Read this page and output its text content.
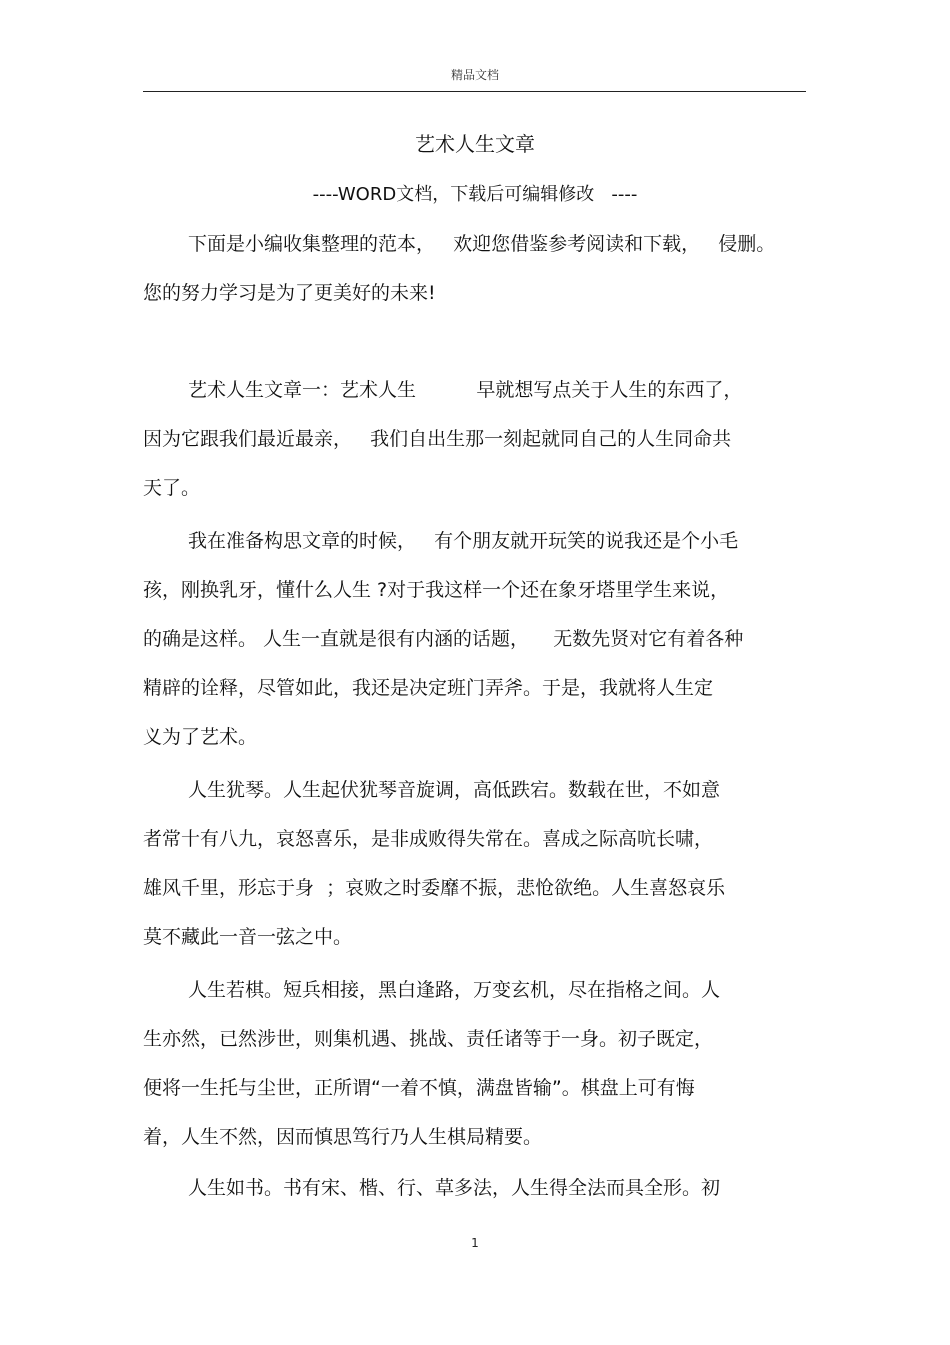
精品文档
艺术人生文章
----WORD文档，下载后可编辑修改   ----
下面是小编收集整理的范本，   欢迎您借鉴参考阅读和下载，   侵删。
您的努力学习是为了更美好的未来!
艺术人生文章一：艺术人生          早就想写点关于人生的东西了，
因为它跟我们最近最亲，   我们自出生那一刻起就同自己的人生同命共
天了。
我在准备构思文章的时候，   有个朋友就开玩笑的说我还是个小毛
孩，刚换乳牙，懂什么人生 ?对于我这样一个还在象牙塔里学生来说，
的确是这样。 人生一直就是很有内涵的话题，    无数先贤对它有着各种
精辟的诠释，尽管如此，我还是决定班门弄斧。于是，我就将人生定
义为了艺术。
人生犹琴。人生起伏犹琴音旋调，高低跌宕。数载在世，不如意
者常十有八九，哀怒喜乐，是非成败得失常在。喜成之际高吭长啸，
雄风千里，形忘于身  ；哀败之时委靡不振，悲怆欲绝。人生喜怒哀乐
莫不藏此一音一弦之中。
人生若棋。短兵相接，黑白逢路，万变玄机，尽在指格之间。人
生亦然，已然涉世，则集机遇、挑战、责任诸等于一身。初子既定，
便将一生托与尘世，正所谓“一着不慎，满盘皆输”。棋盘上可有悔
着，人生不然，因而慎思笃行乃人生棋局精要。
人生如书。书有宋、楷、行、草多法，人生得全法而具全形。初
1
